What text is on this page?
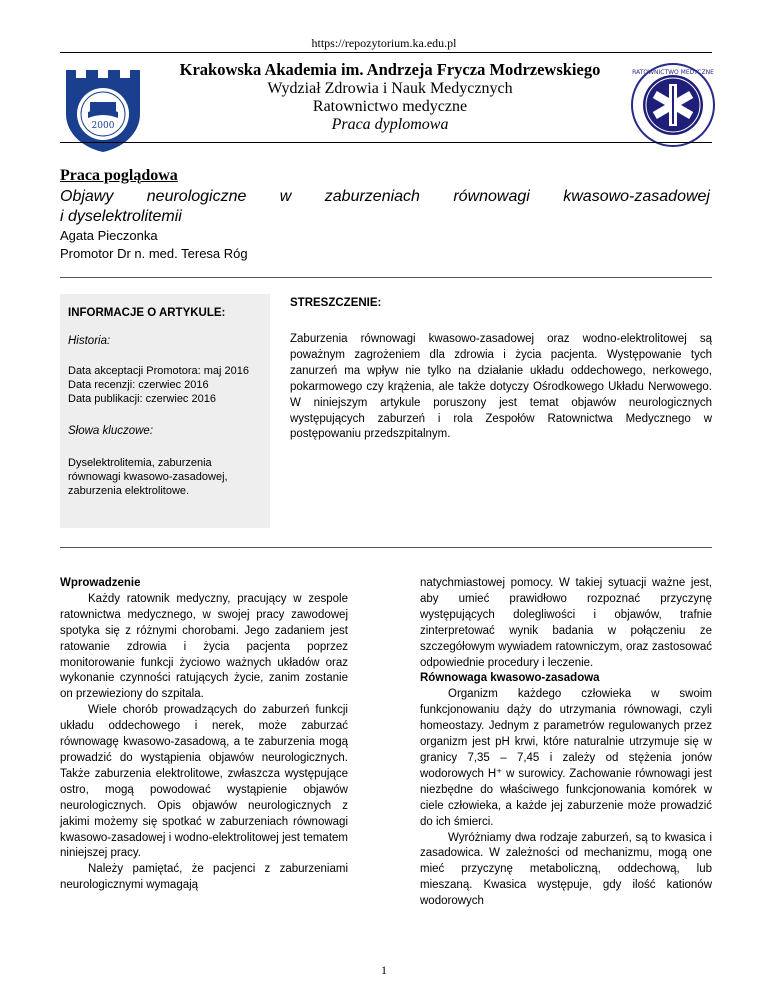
https://repozytorium.ka.edu.pl
2000
RATOWNICTWO MEDYCZNE
Krakowska Akademia im. Andrzeja Frycza Modrzewskiego
Wydział Zdrowia i Nauk Medycznych
Ratownictwo medyczne
Praca dyplomowa
Praca poglądowa
Objawy neurologiczne w zaburzeniach równowagi kwasowo-zasadowej
i dyselektrolitemii
Agata Pieczonka
Promotor Dr n. med. Teresa Róg
INFORMACJE O ARTYKULE:
Historia:
Data akceptacji Promotora: maj 2016
Data recenzji: czerwiec 2016
Data publikacji: czerwiec 2016
Słowa kluczowe:
Dyselektrolitemia, zaburzenia równowagi kwasowo-zasadowej, zaburzenia elektrolitowe.
STRESZCZENIE:
Zaburzenia równowagi kwasowo-zasadowej oraz wodno-elektrolitowej są poważnym zagrożeniem dla zdrowia i życia pacjenta. Występowanie tych zanurzeń ma wpływ nie tylko na działanie układu oddechowego, nerkowego, pokarmowego czy krążenia, ale także dotyczy Ośrodkowego Układu Nerwowego. W niniejszym artykule poruszony jest temat objawów neurologicznych występujących zaburzeń i rola Zespołów Ratownictwa Medycznego w postępowaniu przedszpitalnym.
Wprowadzenie

Każdy ratownik medyczny, pracujący w zespole ratownictwa medycznego, w swojej pracy zawodowej spotyka się z różnymi chorobami. Jego zadaniem jest ratowanie zdrowia i życia pacjenta poprzez monitorowanie funkcji życiowo ważnych układów oraz wykonanie czynności ratujących życie, zanim zostanie on przewieziony do szpitala.

Wiele chorób prowadzących do zaburzeń funkcji układu oddechowego i nerek, może zaburzać równowagę kwasowo-zasadową, a te zaburzenia mogą prowadzić do wystąpienia objawów neurologicznych. Także zaburzenia elektrolitowe, zwłaszcza występujące ostro, mogą powodować wystąpienie objawów neurologicznych. Opis objawów neurologicznych z jakimi możemy się spotkać w zaburzeniach równowagi kwasowo-zasadowej i wodno-elektrolitowej jest tematem niniejszej pracy.

Należy pamiętać, że pacjenci z zaburzeniami neurologicznymi wymagają

natychmiastowej pomocy. W takiej sytuacji ważne jest, aby umieć prawidłowo rozpoznać przyczynę występujących dolegliwości i objawów, trafnie zinterpretować wynik badania w połączeniu ze szczegółowym wywiadem ratowniczym, oraz zastosować odpowiednie procedury i leczenie.

Równowaga kwasowo-zasadowa

Organizm każdego człowieka w swoim funkcjonowaniu dąży do utrzymania równowagi, czyli homeostazy. Jednym z parametrów regulowanych przez organizm jest pH krwi, które naturalnie utrzymuje się w granicy 7,35 – 7,45 i zależy od stężenia jonów wodorowych H⁺ w surowicy. Zachowanie równowagi jest niezbędne do właściwego funkcjonowania komórek w ciele człowieka, a każde jej zaburzenie może prowadzić do ich śmierci.

Wyróżniamy dwa rodzaje zaburzeń, są to kwasica i zasadowica. W zależności od mechanizmu, mogą one mieć przyczynę metaboliczną, oddechową, lub mieszaną. Kwasica występuje, gdy ilość kationów wodorowych

1
